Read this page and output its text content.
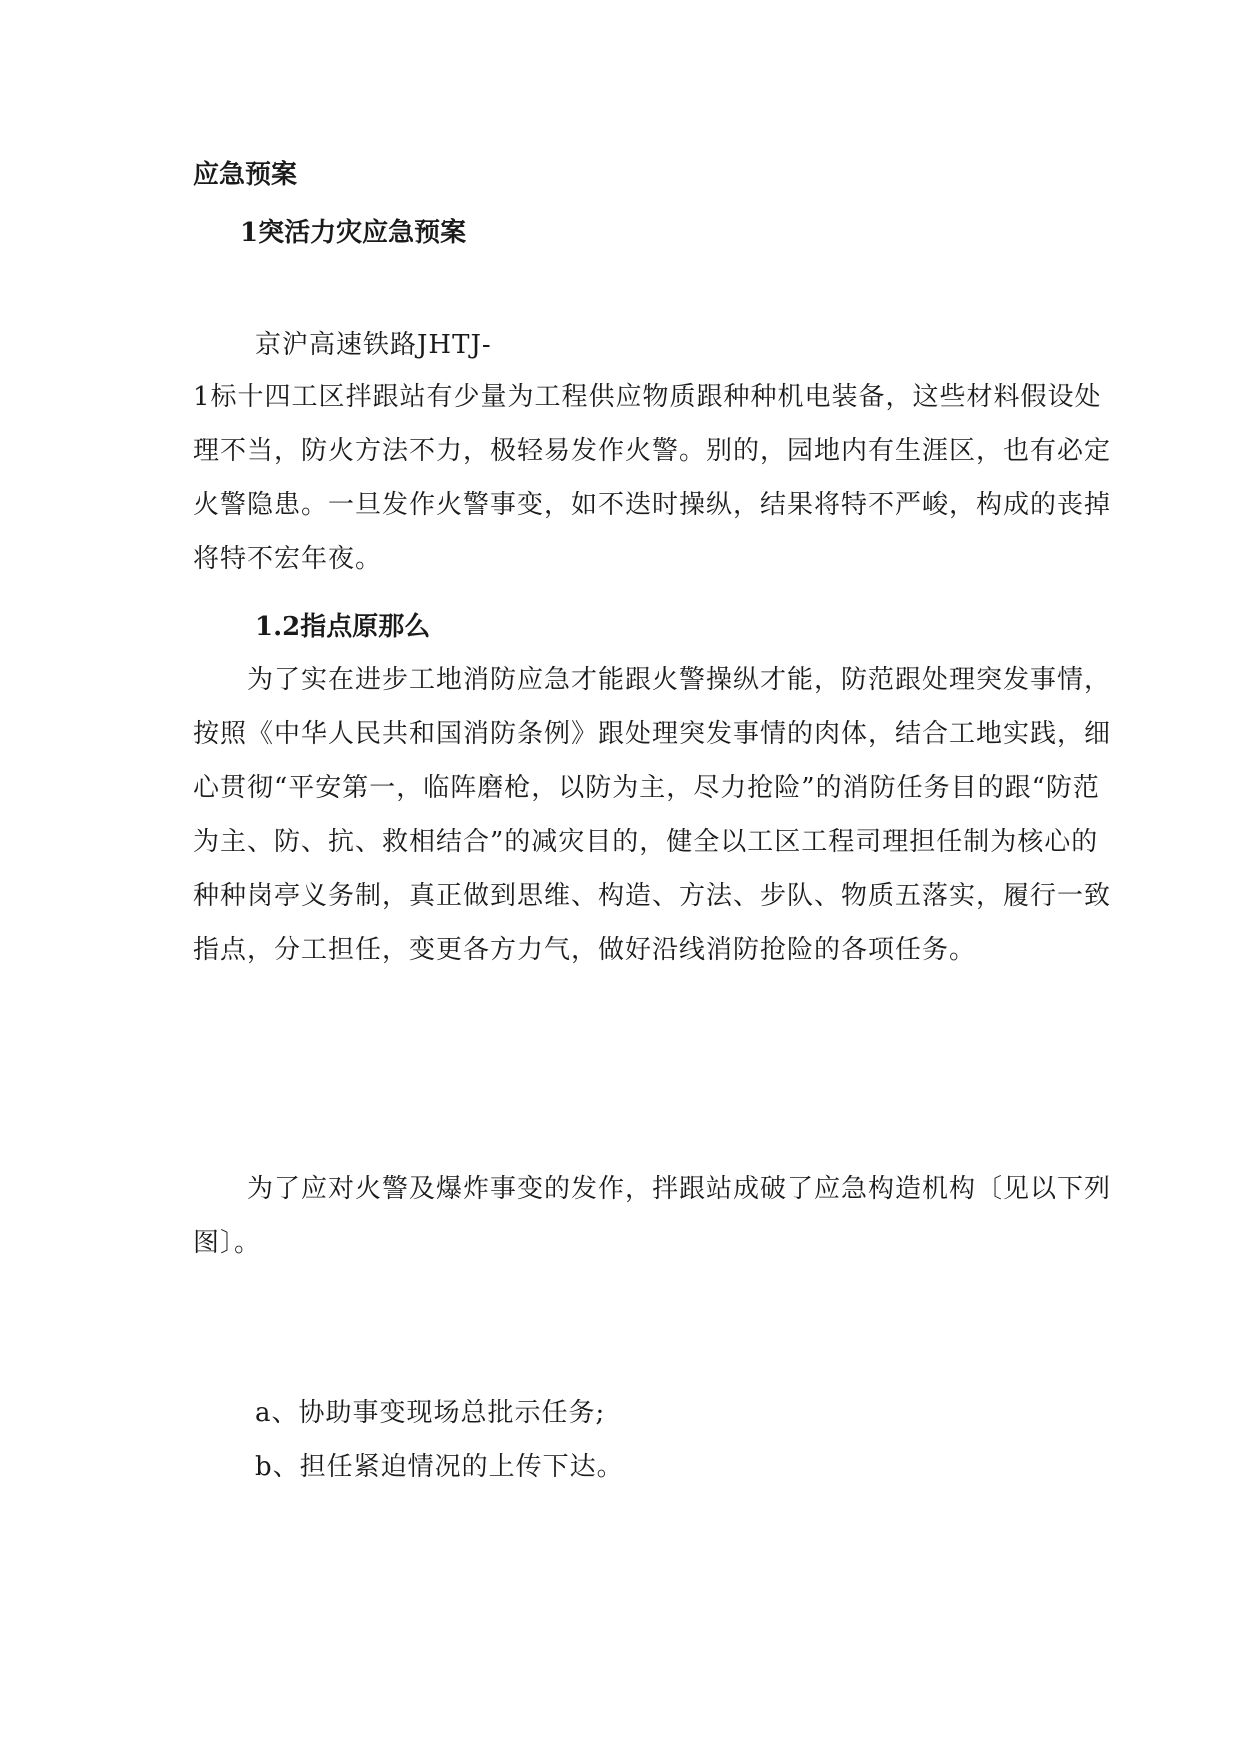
应急预案
1突活力灾应急预案
京沪高速铁路JHTJ-

1标十四工区拌跟站有少量为工程供应物质跟种种机电装备，这些材料假设处理不当，防火方法不力，极轻易发作火警。别的，园地内有生涯区，也有必定火警隐患。一旦发作火警事变，如不迭时操纵，结果将特不严峻，构成的丧掉将特不宏年夜。

1.2指点原那么

　　为了实在进步工地消防应急才能跟火警操纵才能，防范跟处理突发事情，按照《中华人民共和国消防条例》跟处理突发事情的肉体，结合工地实践，细心贯彻“平安第一，临阵磨枪，以防为主，尽力抢险”的消防任务目的跟“防范为主、防、抗、救相结合”的减灾目的，健全以工区工程司理担任制为核心的种种岗亭义务制，真正做到思维、构造、方法、步队、物质五落实，履行一致指点，分工担任，变更各方力气，做好沿线消防抢险的各项任务。

　　为了应对火警及爆炸事变的发作，拌跟站成破了应急构造机构〔见以下列图〕。

a、协助事变现场总批示任务;
b、担任紧迫情况的上传下达。
